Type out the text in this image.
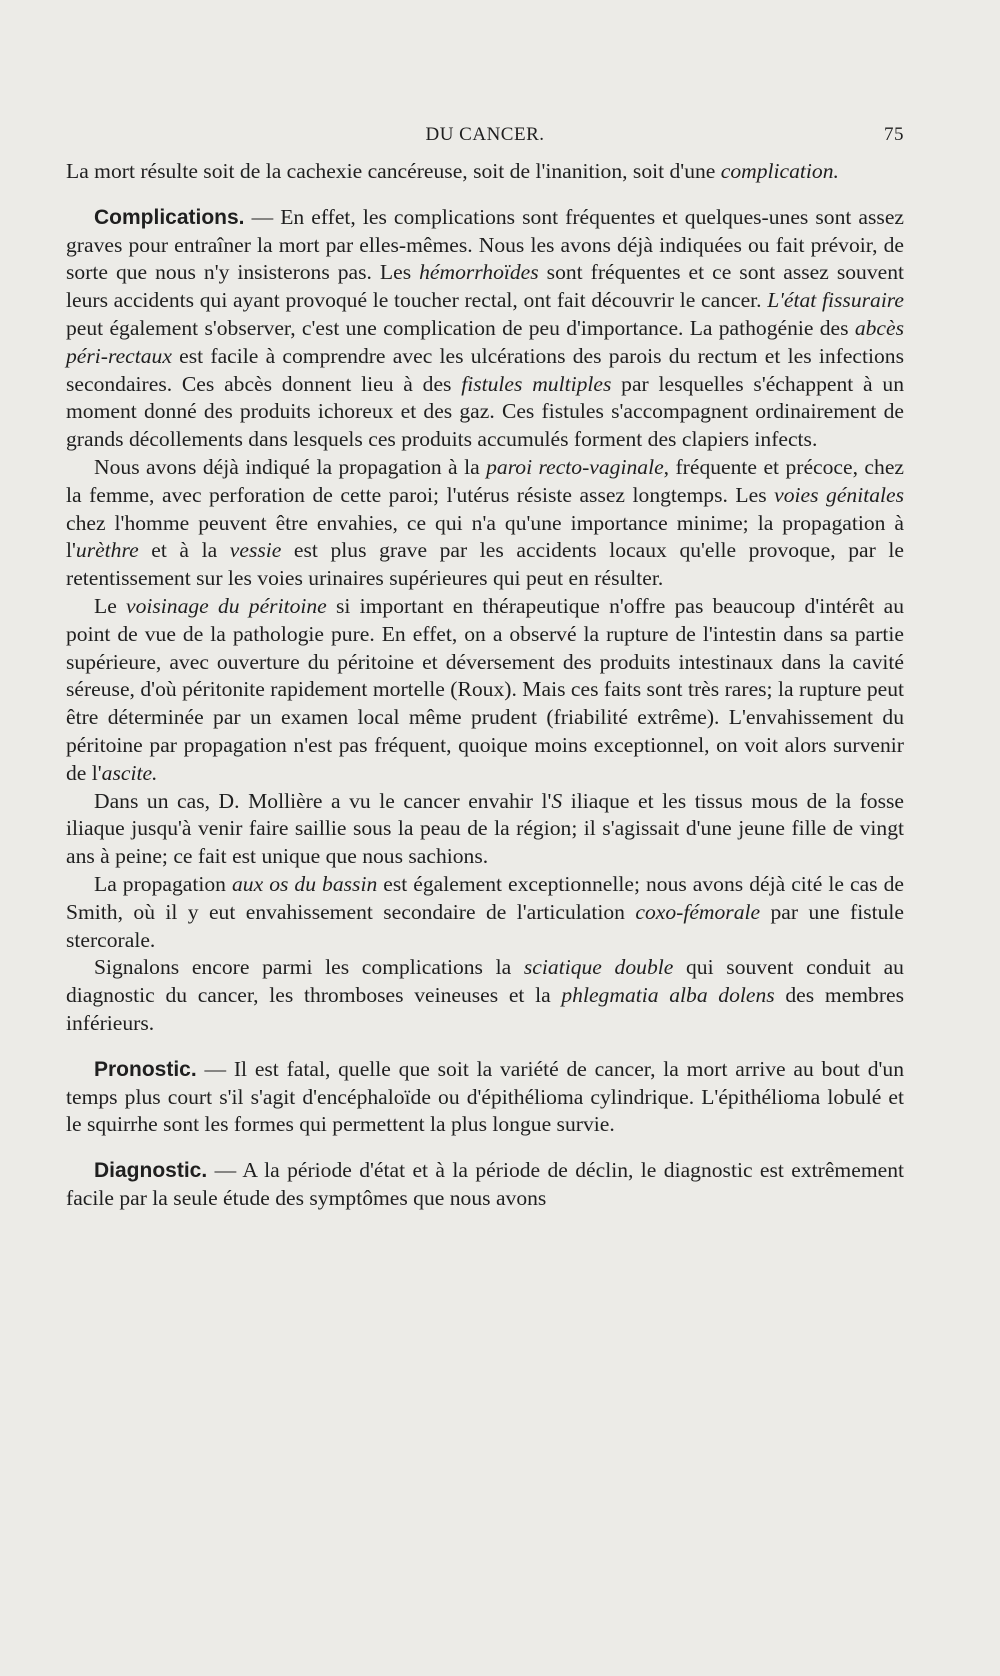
DU CANCER.	75

La mort résulte soit de la cachexie cancéreuse, soit de l'inanition, soit d'une complication.

Complications. — En effet, les complications sont fréquentes et quelques-unes sont assez graves pour entraîner la mort par elles-mêmes. Nous les avons déjà indiquées ou fait prévoir, de sorte que nous n'y insisterons pas. Les hémorrhoïdes sont fréquentes et ce sont assez souvent leurs accidents qui ayant provoqué le toucher rectal, ont fait découvrir le cancer. L'état fissuraire peut également s'observer, c'est une complication de peu d'importance. La pathogénie des abcès péri-rectaux est facile à comprendre avec les ulcérations des parois du rectum et les infections secondaires. Ces abcès donnent lieu à des fistules multiples par lesquelles s'échappent à un moment donné des produits ichoreux et des gaz. Ces fistules s'accompagnent ordinairement de grands décollements dans lesquels ces produits accumulés forment des clapiers infects.

Nous avons déjà indiqué la propagation à la paroi recto-vaginale, fréquente et précoce, chez la femme, avec perforation de cette paroi; l'utérus résiste assez longtemps. Les voies génitales chez l'homme peuvent être envahies, ce qui n'a qu'une importance minime; la propagation à l'urèthre et à la vessie est plus grave par les accidents locaux qu'elle provoque, par le retentissement sur les voies urinaires supérieures qui peut en résulter.

Le voisinage du péritoine si important en thérapeutique n'offre pas beaucoup d'intérêt au point de vue de la pathologie pure. En effet, on a observé la rupture de l'intestin dans sa partie supérieure, avec ouverture du péritoine et déversement des produits intestinaux dans la cavité séreuse, d'où péritonite rapidement mortelle (Roux). Mais ces faits sont très rares; la rupture peut être déterminée par un examen local même prudent (friabilité extrême). L'envahissement du péritoine par propagation n'est pas fréquent, quoique moins exceptionnel, on voit alors survenir de l'ascite.

Dans un cas, D. Mollière a vu le cancer envahir l'S iliaque et les tissus mous de la fosse iliaque jusqu'à venir faire saillie sous la peau de la région; il s'agissait d'une jeune fille de vingt ans à peine; ce fait est unique que nous sachions.

La propagation aux os du bassin est également exceptionnelle; nous avons déjà cité le cas de Smith, où il y eut envahissement secondaire de l'articulation coxo-fémorale par une fistule stercorale.

Signalons encore parmi les complications la sciatique double qui souvent conduit au diagnostic du cancer, les thromboses veineuses et la phlegmatia alba dolens des membres inférieurs.

Pronostic. — Il est fatal, quelle que soit la variété de cancer, la mort arrive au bout d'un temps plus court s'il s'agit d'encéphaloïde ou d'épithélioma cylindrique. L'épithélioma lobulé et le squirrhe sont les formes qui permettent la plus longue survie.

Diagnostic. — A la période d'état et à la période de déclin, le diagnostic est extrêmement facile par la seule étude des symptômes que nous avons
